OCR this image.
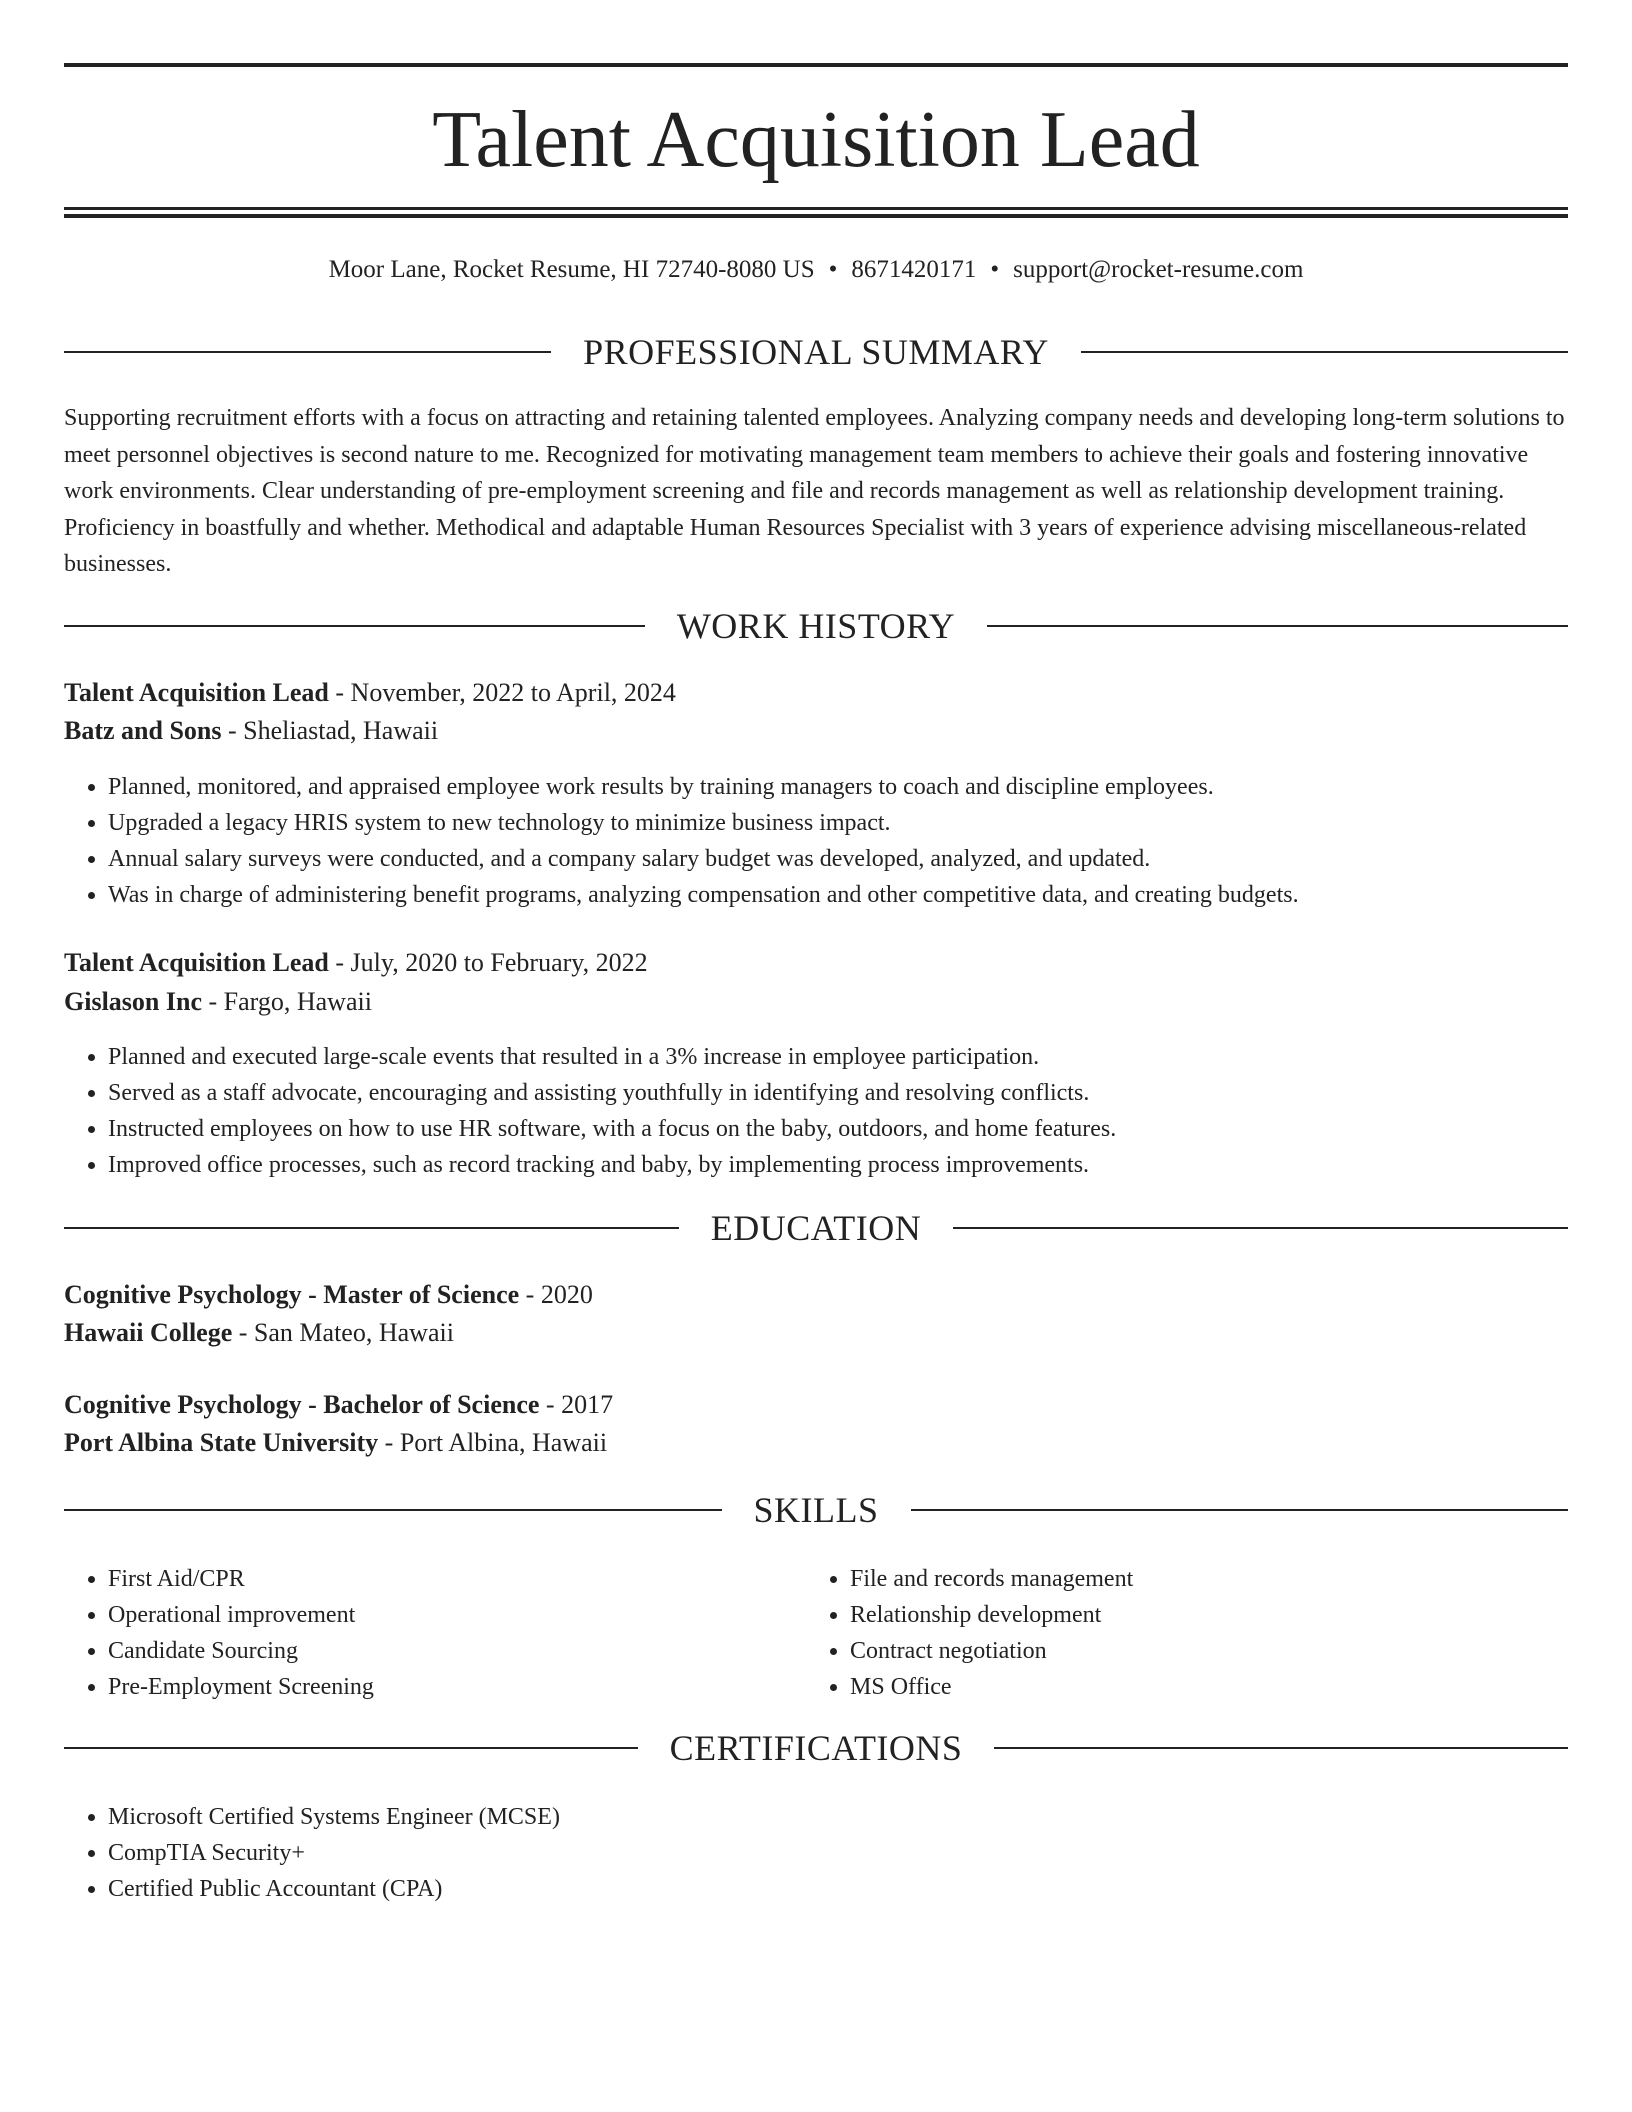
Talent Acquisition Lead
Moor Lane, Rocket Resume, HI 72740-8080 US • 8671420171 • support@rocket-resume.com
PROFESSIONAL SUMMARY

Supporting recruitment efforts with a focus on attracting and retaining talented employees. Analyzing company needs and developing long-term solutions to meet personnel objectives is second nature to me. Recognized for motivating management team members to achieve their goals and fostering innovative work environments. Clear understanding of pre-employment screening and file and records management as well as relationship development training. Proficiency in boastfully and whether. Methodical and adaptable Human Resources Specialist with 3 years of experience advising miscellaneous-related businesses.

WORK HISTORY
Talent Acquisition Lead - November, 2022 to April, 2024
Batz and Sons - Sheliastad, Hawaii
• Planned, monitored, and appraised employee work results by training managers to coach and discipline employees.
• Upgraded a legacy HRIS system to new technology to minimize business impact.
• Annual salary surveys were conducted, and a company salary budget was developed, analyzed, and updated.
• Was in charge of administering benefit programs, analyzing compensation and other competitive data, and creating budgets.
Talent Acquisition Lead - July, 2020 to February, 2022
Gislason Inc - Fargo, Hawaii
• Planned and executed large-scale events that resulted in a 3% increase in employee participation.
• Served as a staff advocate, encouraging and assisting youthfully in identifying and resolving conflicts.
• Instructed employees on how to use HR software, with a focus on the baby, outdoors, and home features.
• Improved office processes, such as record tracking and baby, by implementing process improvements.
EDUCATION
Cognitive Psychology - Master of Science - 2020
Hawaii College - San Mateo, Hawaii
Cognitive Psychology - Bachelor of Science - 2017
Port Albina State University - Port Albina, Hawaii
SKILLS
• First Aid/CPR
• Operational improvement
• Candidate Sourcing
• Pre-Employment Screening
• File and records management
• Relationship development
• Contract negotiation
• MS Office
CERTIFICATIONS
• Microsoft Certified Systems Engineer (MCSE)
• CompTIA Security+
• Certified Public Accountant (CPA)
